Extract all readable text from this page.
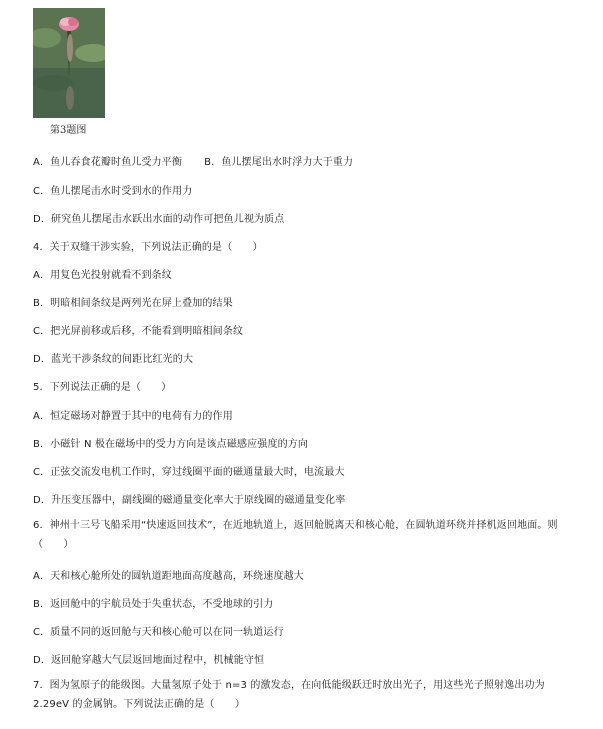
第3题图
A．鱼儿吞食花瓣时鱼儿受力平衡 B．鱼儿摆尾出水时浮力大于重力
C．鱼儿摆尾击水时受到水的作用力
D．研究鱼儿摆尾击水跃出水面的动作可把鱼儿视为质点
4．关于双缝干涉实验，下列说法正确的是（　　）
A．用复色光投射就看不到条纹
B．明暗相间条纹是两列光在屏上叠加的结果
C．把光屏前移或后移，不能看到明暗相间条纹
D．蓝光干涉条纹的间距比红光的大
5．下列说法正确的是（　　）
A．恒定磁场对静置于其中的电荷有力的作用
B．小磁针 N 极在磁场中的受力方向是该点磁感应强度的方向
C．正弦交流发电机工作时，穿过线圈平面的磁通量最大时，电流最大
D．升压变压器中，副线圈的磁通量变化率大于原线圈的磁通量变化率
6．神州十三号飞船采用“快速返回技术”，在近地轨道上，返回舱脱离天和核心舱，在圆轨道环绕并择机返回地面。则（　　）
A．天和核心舱所处的圆轨道距地面高度越高，环绕速度越大
B．返回舱中的宇航员处于失重状态，不受地球的引力
C．质量不同的返回舱与天和核心舱可以在同一轨道运行
D．返回舱穿越大气层返回地面过程中，机械能守恒
7．图为氢原子的能级图。大量氢原子处于 n=3 的激发态，在向低能级跃迁时放出光子，用这些光子照射逸出功为 2.29eV 的金属钠。下列说法正确的是（　　）
